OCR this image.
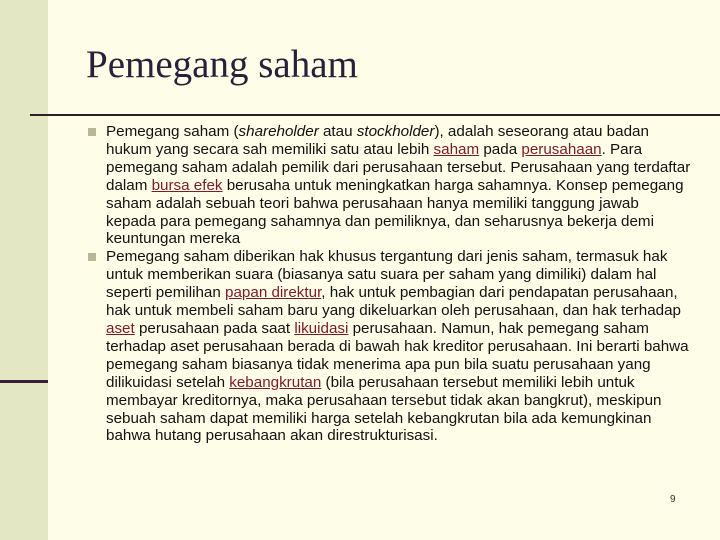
Pemegang saham
Pemegang saham (shareholder atau stockholder), adalah seseorang atau badan hukum yang secara sah memiliki satu atau lebih saham pada perusahaan. Para pemegang saham adalah pemilik dari perusahaan tersebut. Perusahaan yang terdaftar dalam bursa efek berusaha untuk meningkatkan harga sahamnya. Konsep pemegang saham adalah sebuah teori bahwa perusahaan hanya memiliki tanggung jawab kepada para pemegang sahamnya dan pemiliknya, dan seharusnya bekerja demi keuntungan mereka
Pemegang saham diberikan hak khusus tergantung dari jenis saham, termasuk hak untuk memberikan suara (biasanya satu suara per saham yang dimiliki) dalam hal seperti pemilihan papan direktur, hak untuk pembagian dari pendapatan perusahaan, hak untuk membeli saham baru yang dikeluarkan oleh perusahaan, dan hak terhadap aset perusahaan pada saat likuidasi perusahaan. Namun, hak pemegang saham terhadap aset perusahaan berada di bawah hak kreditor perusahaan. Ini berarti bahwa pemegang saham biasanya tidak menerima apa pun bila suatu perusahaan yang dilikuidasi setelah kebangkrutan (bila perusahaan tersebut memiliki lebih untuk membayar kreditornya, maka perusahaan tersebut tidak akan bangkrut), meskipun sebuah saham dapat memiliki harga setelah kebangkrutan bila ada kemungkinan bahwa hutang perusahaan akan direstrukturisasi.
9
